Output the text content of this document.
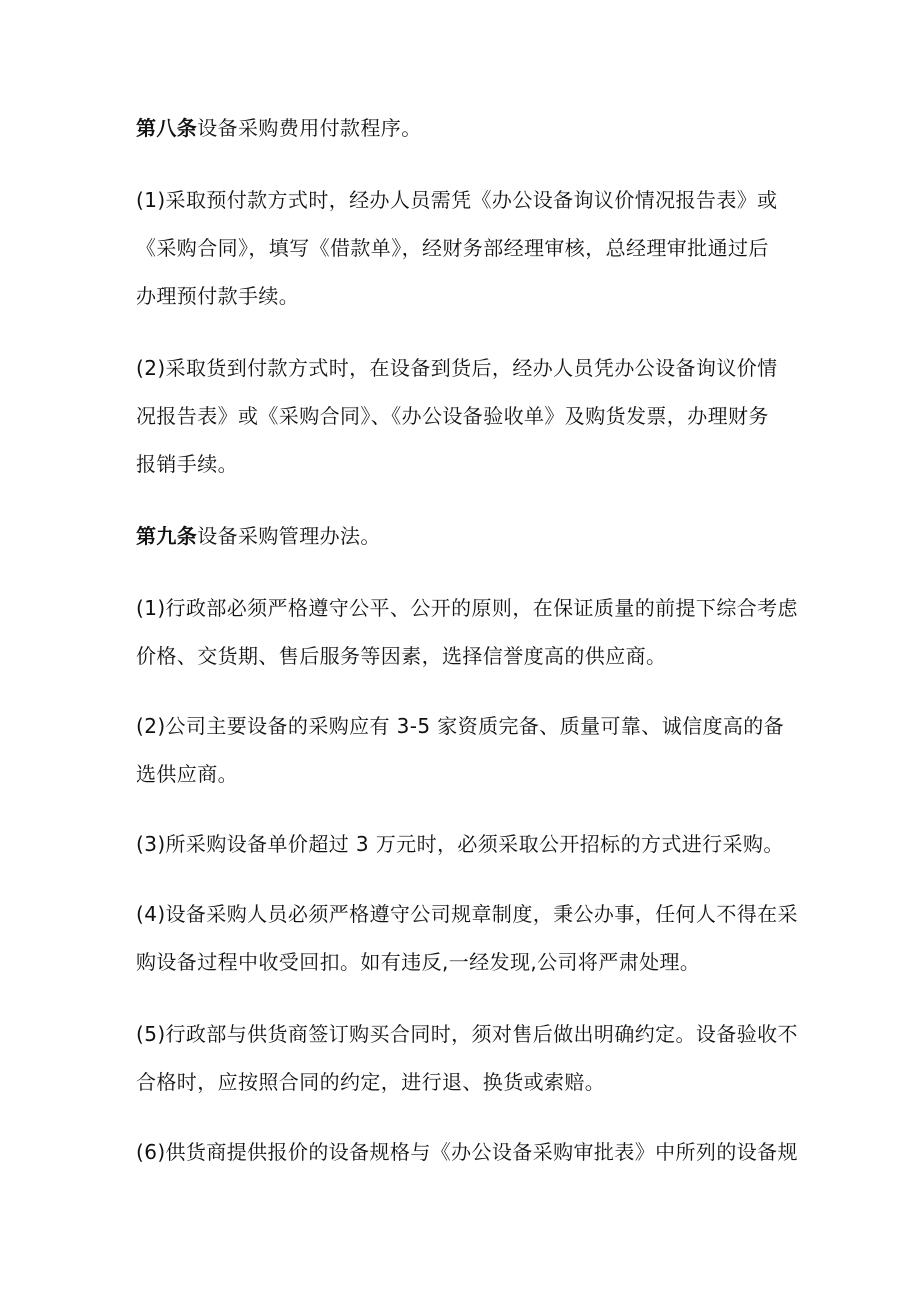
第八条设备采购费用付款程序。
(1)采取预付款方式时，经办人员需凭《办公设备询议价情况报告表》或
《采购合同》，填写《借款单》，经财务部经理审核，总经理审批通过后
办理预付款手续。
(2)采取货到付款方式时，在设备到货后，经办人员凭办公设备询议价情
况报告表》或《采购合同》、《办公设备验收单》及购货发票，办理财务
报销手续。
第九条设备采购管理办法。
(1)行政部必须严格遵守公平、公开的原则，在保证质量的前提下综合考虑
价格、交货期、售后服务等因素，选择信誉度高的供应商。
(2)公司主要设备的采购应有 3-5 家资质完备、质量可靠、诚信度高的备
选供应商。
(3)所采购设备单价超过 3 万元时，必须采取公开招标的方式进行采购。
(4)设备采购人员必须严格遵守公司规章制度，秉公办事，任何人不得在采
购设备过程中收受回扣。如有违反,一经发现,公司将严肃处理。
(5)行政部与供货商签订购买合同时，须对售后做出明确约定。设备验收不
合格时，应按照合同的约定，进行退、换货或索赔。
(6)供货商提供报价的设备规格与《办公设备采购审批表》中所列的设备规
